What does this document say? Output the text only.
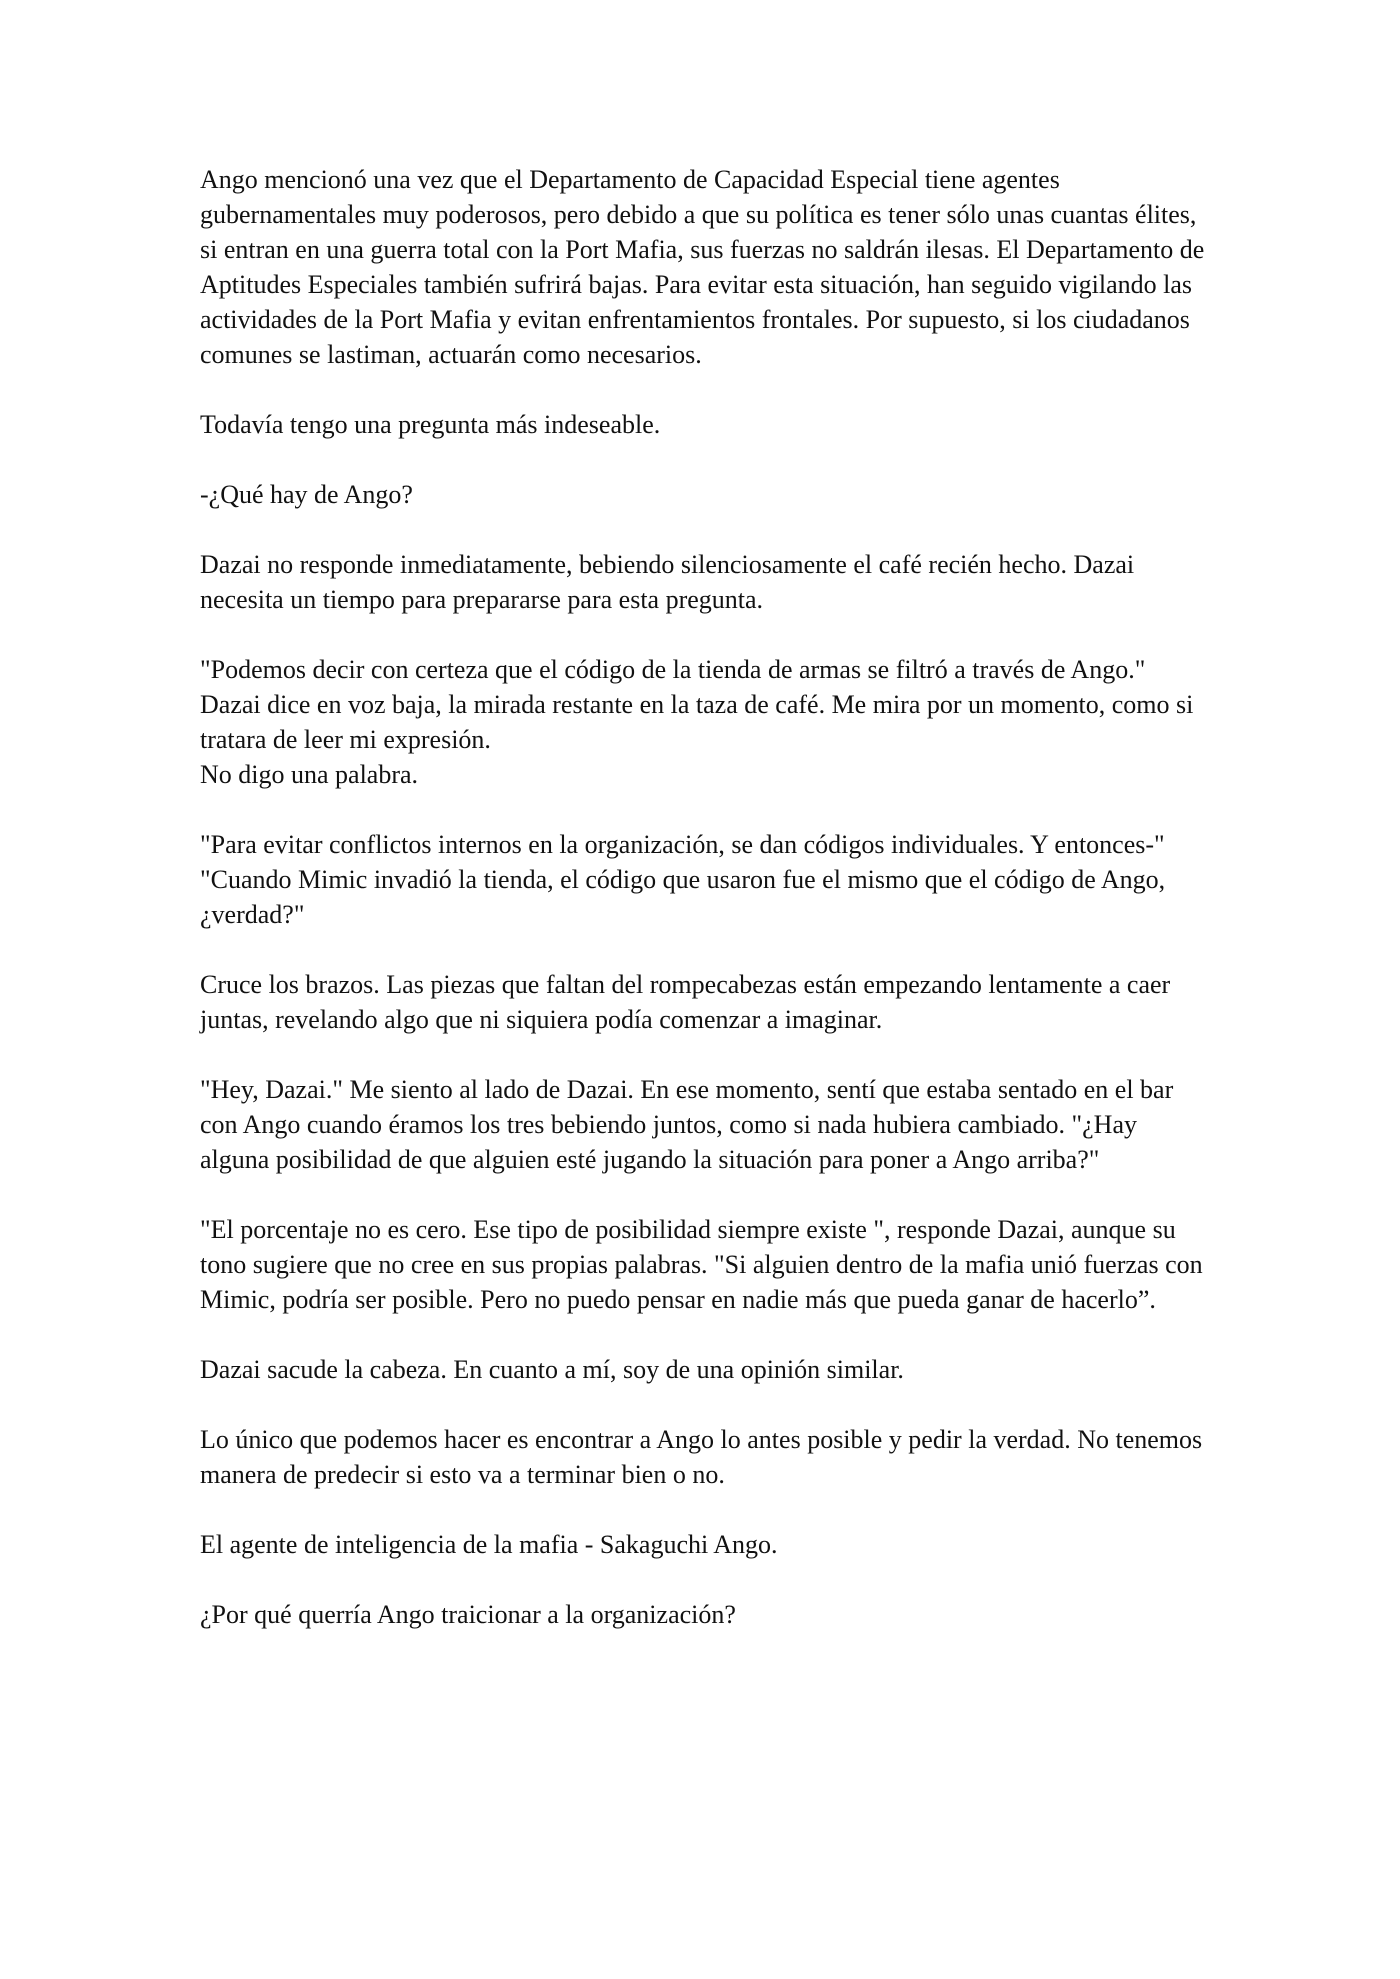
Ango mencionó una vez que el Departamento de Capacidad Especial tiene agentes gubernamentales muy poderosos, pero debido a que su política es tener sólo unas cuantas élites, si entran en una guerra total con la Port Mafia, sus fuerzas no saldrán ilesas. El Departamento de Aptitudes Especiales también sufrirá bajas. Para evitar esta situación, han seguido vigilando las actividades de la Port Mafia y evitan enfrentamientos frontales. Por supuesto, si los ciudadanos comunes se lastiman, actuarán como necesarios.

Todavía tengo una pregunta más indeseable.

-¿Qué hay de Ango?

Dazai no responde inmediatamente, bebiendo silenciosamente el café recién hecho. Dazai necesita un tiempo para prepararse para esta pregunta.

"Podemos decir con certeza que el código de la tienda de armas se filtró a través de Ango." Dazai dice en voz baja, la mirada restante en la taza de café. Me mira por un momento, como si tratara de leer mi expresión.
No digo una palabra.

"Para evitar conflictos internos en la organización, se dan códigos individuales. Y entonces-"
"Cuando Mimic invadió la tienda, el código que usaron fue el mismo que el código de Ango, ¿verdad?"

Cruce los brazos. Las piezas que faltan del rompecabezas están empezando lentamente a caer juntas, revelando algo que ni siquiera podía comenzar a imaginar.

"Hey, Dazai." Me siento al lado de Dazai. En ese momento, sentí que estaba sentado en el bar con Ango cuando éramos los tres bebiendo juntos, como si nada hubiera cambiado. "¿Hay alguna posibilidad de que alguien esté jugando la situación para poner a Ango arriba?"

"El porcentaje no es cero. Ese tipo de posibilidad siempre existe ", responde Dazai, aunque su tono sugiere que no cree en sus propias palabras. "Si alguien dentro de la mafia unió fuerzas con Mimic, podría ser posible. Pero no puedo pensar en nadie más que pueda ganar de hacerlo”.

Dazai sacude la cabeza. En cuanto a mí, soy de una opinión similar.

Lo único que podemos hacer es encontrar a Ango lo antes posible y pedir la verdad. No tenemos manera de predecir si esto va a terminar bien o no.

El agente de inteligencia de la mafia - Sakaguchi Ango.

¿Por qué querría Ango traicionar a la organización?
